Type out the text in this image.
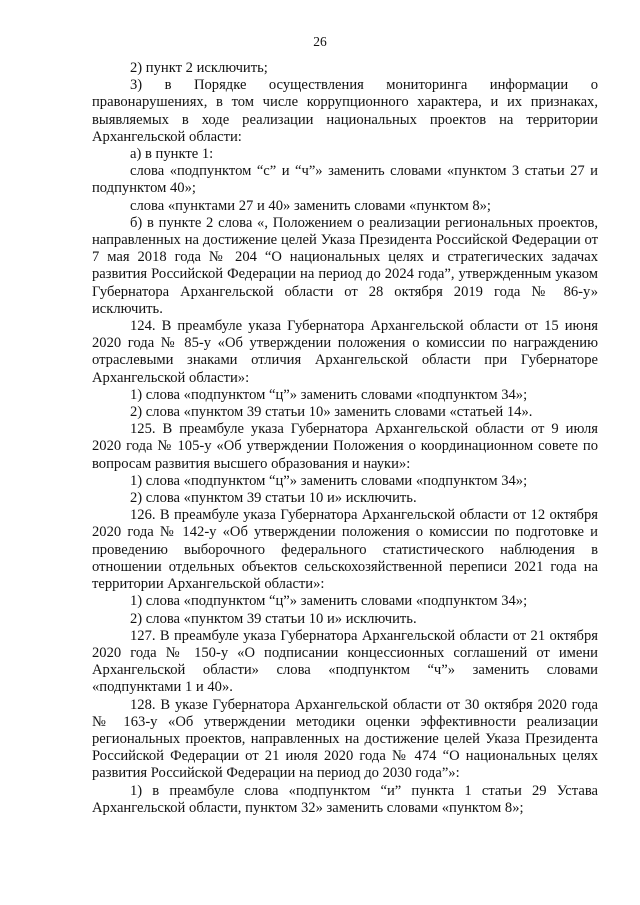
26

2) пункт 2 исключить;

3) в Порядке осуществления мониторинга информации о правонарушениях, в том числе коррупционного характера, и их признаках, выявляемых в ходе реализации национальных проектов на территории Архангельской области:

а) в пункте 1:

слова «подпунктом “с” и “ч”» заменить словами «пунктом 3 статьи 27 и подпунктом 40»;

слова «пунктами 27 и 40» заменить словами «пунктом 8»;

б) в пункте 2 слова «, Положением о реализации региональных проектов, направленных на достижение целей Указа Президента Российской Федерации от 7 мая 2018 года № 204 “О национальных целях и стратегических задачах развития Российской Федерации на период до 2024 года”, утвержденным указом Губернатора Архангельской области от 28 октября 2019 года № 86-у» исключить.

124. В преамбуле указа Губернатора Архангельской области от 15 июня 2020 года № 85-у «Об утверждении положения о комиссии по награждению отраслевыми знаками отличия Архангельской области при Губернаторе Архангельской области»:

1) слова «подпунктом “ц”» заменить словами «подпунктом 34»;

2) слова «пунктом 39 статьи 10» заменить словами «статьей 14».

125. В преамбуле указа Губернатора Архангельской области от 9 июля 2020 года № 105-у «Об утверждении Положения о координационном совете по вопросам развития высшего образования и науки»:

1) слова «подпунктом “ц”» заменить словами «подпунктом 34»;

2) слова «пунктом 39 статьи 10 и» исключить.

126. В преамбуле указа Губернатора Архангельской области от 12 октября 2020 года № 142-у «Об утверждении положения о комиссии по подготовке и проведению выборочного федерального статистического наблюдения в отношении отдельных объектов сельскохозяйственной переписи 2021 года на территории Архангельской области»:

1) слова «подпунктом “ц”» заменить словами «подпунктом 34»;

2) слова «пунктом 39 статьи 10 и» исключить.

127. В преамбуле указа Губернатора Архангельской области от 21 октября 2020 года № 150-у «О подписании концессионных соглашений от имени Архангельской области» слова «подпунктом “ч”» заменить словами «подпунктами 1 и 40».

128. В указе Губернатора Архангельской области от 30 октября 2020 года № 163-у «Об утверждении методики оценки эффективности реализации региональных проектов, направленных на достижение целей Указа Президента Российской Федерации от 21 июля 2020 года № 474 “О национальных целях развития Российской Федерации на период до 2030 года”»:

1) в преамбуле слова «подпунктом “и” пункта 1 статьи 29 Устава Архангельской области, пунктом 32» заменить словами «пунктом 8»;
